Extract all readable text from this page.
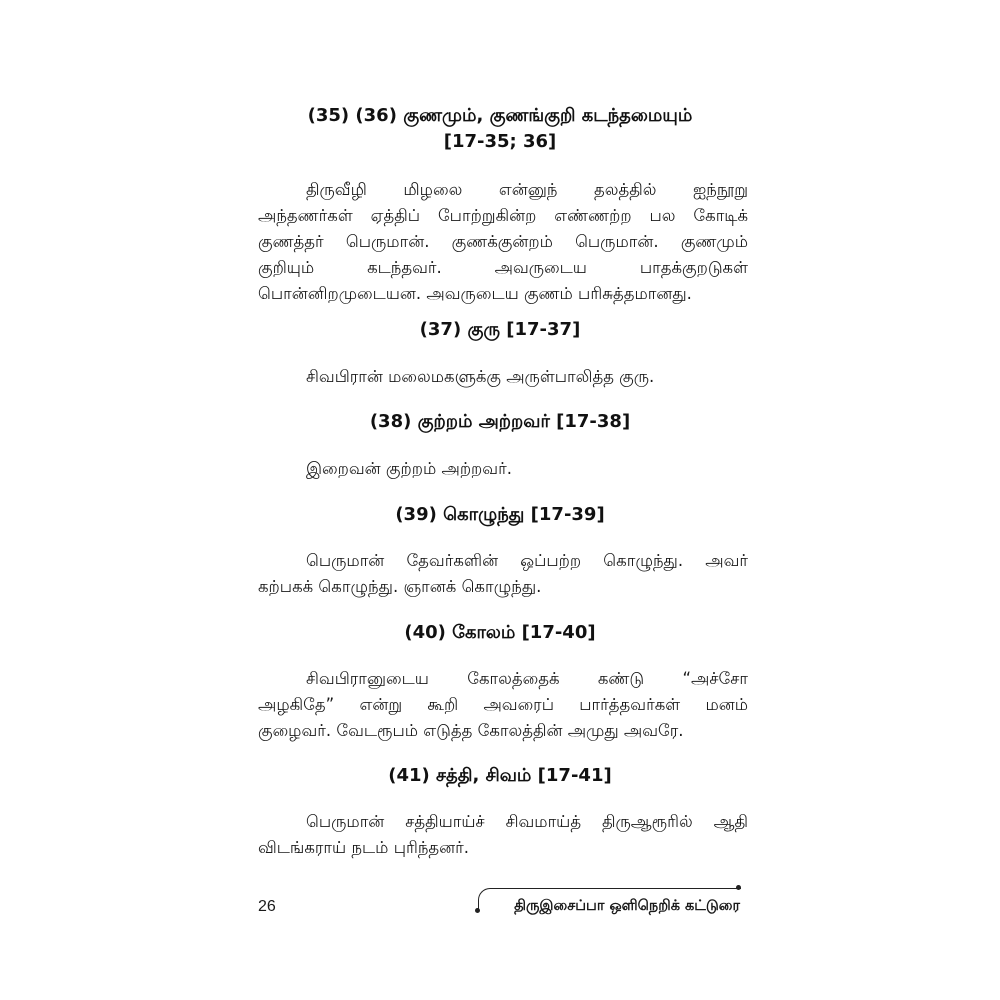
(35) (36) குணமும், குணங்குறி கடந்தமையும்
[17-35; 36]
திருவீழி மிழலை என்னுந் தலத்தில் ஐந்நூறு
அந்தணர்கள் ஏத்திப் போற்றுகின்ற எண்ணற்ற பல கோடிக்
குணத்தர் பெருமான். குணக்குன்றம் பெருமான். குணமும்
குறியும் கடந்தவர். அவருடைய பாதக்குறடுகள்
பொன்னிறமுடையன. அவருடைய குணம் பரிசுத்தமானது.
(37) குரு [17-37]
சிவபிரான் மலைமகளுக்கு அருள்பாலித்த குரு.
(38) குற்றம் அற்றவர் [17-38]
இறைவன் குற்றம் அற்றவர்.
(39) கொழுந்து [17-39]
பெருமான் தேவர்களின் ஒப்பற்ற கொழுந்து. அவர்
கற்பகக் கொழுந்து. ஞானக் கொழுந்து.
(40) கோலம் [17-40]
சிவபிரானுடைய கோலத்தைக் கண்டு “அச்சோ
அழகிதே” என்று கூறி அவரைப் பார்த்தவர்கள் மனம்
குழைவர். வேடரூபம் எடுத்த கோலத்தின் அமுது அவரே.
(41) சத்தி, சிவம் [17-41]
பெருமான் சத்தியாய்ச் சிவமாய்த் திருஆரூரில் ஆதி
விடங்கராய் நடம் புரிந்தனர்.
26	திருஇசைப்பா ஒளிநெறிக் கட்டுரை
